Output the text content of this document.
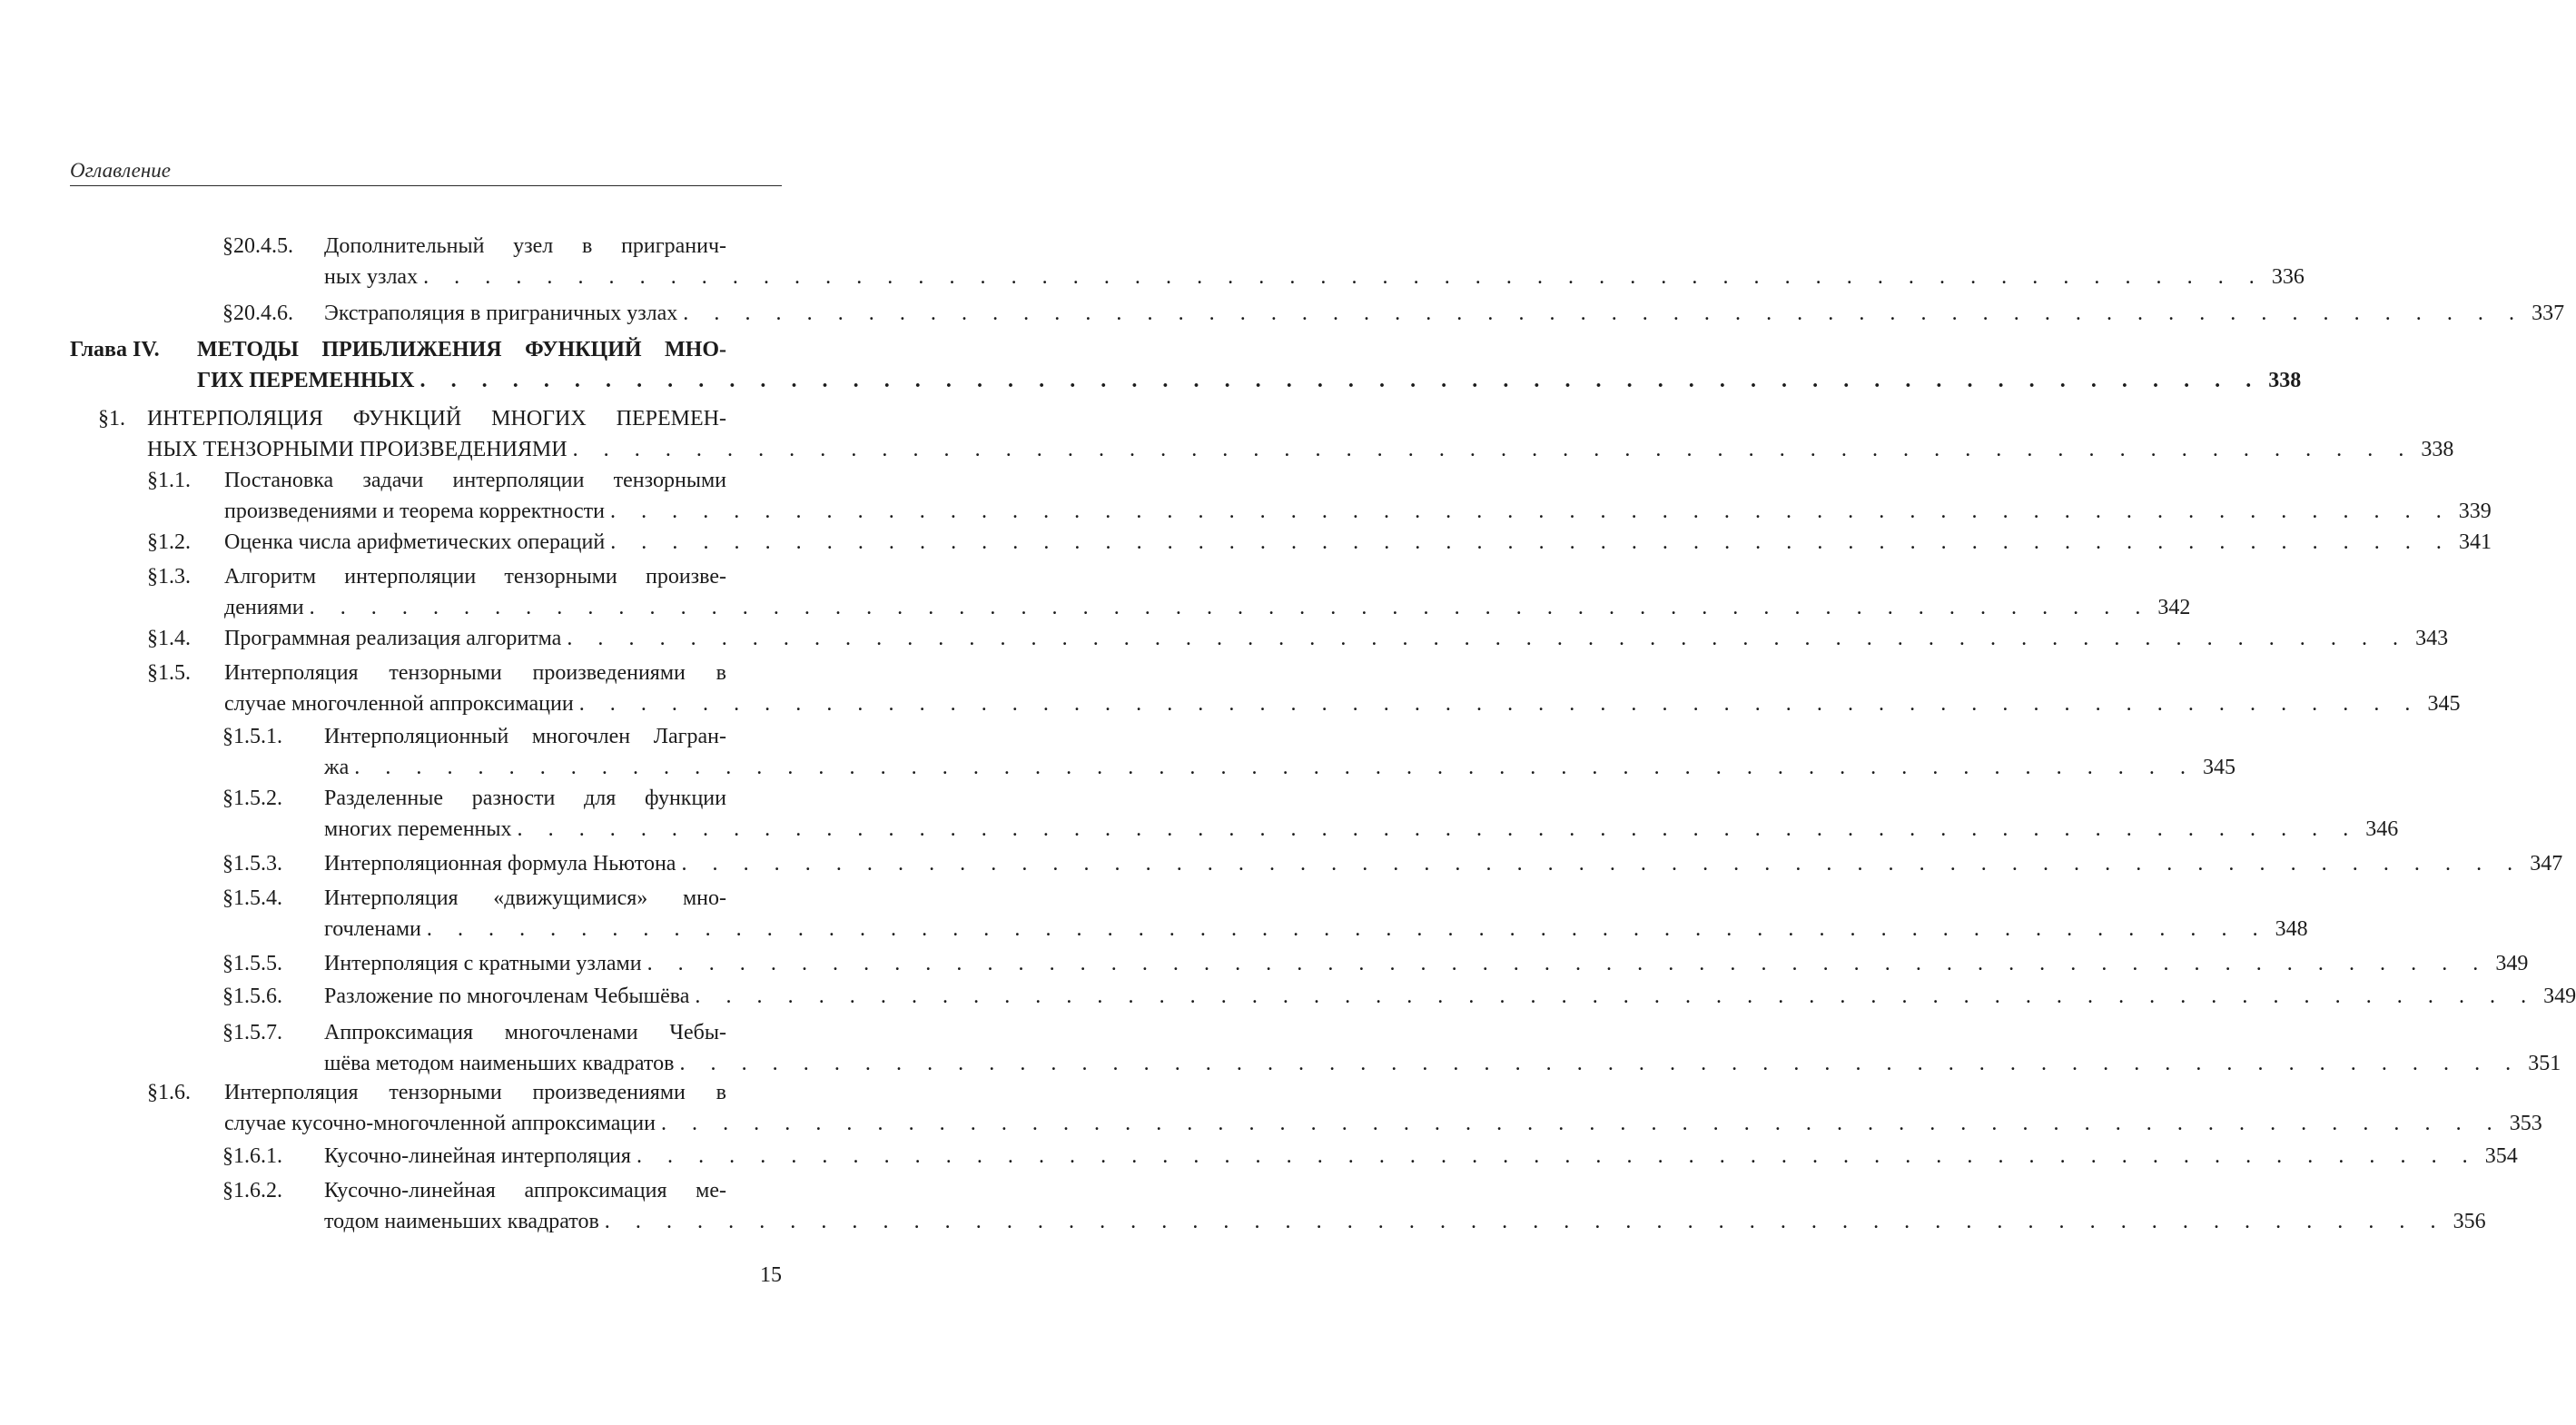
Оглавление
§20.4.5. Дополнительный узел в пригранич-
ных узлах . . . . . . . . . . . . . . . . . . . . . . . . . . . . . . . . . . . . . . . . . . . . . . . . . . . . . . . . . . . . 336
§20.4.6. Экстраполяция в приграничных узлах . . . . . . . . . . . . . . . . . . . . . . . . . . . . . . . . . . . . . . . . . . . . . . . . . . . . . . . . . . . . 337
Глава IV. МЕТОДЫ ПРИБЛИЖЕНИЯ ФУНКЦИЙ МНО-
ГИХ ПЕРЕМЕННЫХ . . . . . . . . . . . . . . . . . . . . . . . . . . . . . . . . . . . . . . . . . . . . . . . . . . . . . . . . . . . . 338
§1. ИНТЕРПОЛЯЦИЯ ФУНКЦИЙ МНОГИХ ПЕРЕМЕН-
НЫХ ТЕНЗОРНЫМИ ПРОИЗВЕДЕНИЯМИ . . . . . . . . . . . . . . . . . . . . . . . . . . . . . . . . . . . . . . . . . . . . . . . . . . . . . . . . . . . . 338
§1.1. Постановка задачи интерполяции тензорными
произведениями и теорема корректности . . . . . . . . . . . . . . . . . . . . . . . . . . . . . . . . . . . . . . . . . . . . . . . . . . . . . . . . . . . . 339
§1.2. Оценка числа арифметических операций . . . . . . . . . . . . . . . . . . . . . . . . . . . . . . . . . . . . . . . . . . . . . . . . . . . . . . . . . . . . 341
§1.3. Алгоритм интерполяции тензорными произве-
дениями . . . . . . . . . . . . . . . . . . . . . . . . . . . . . . . . . . . . . . . . . . . . . . . . . . . . . . . . . . . . 342
§1.4. Программная реализация алгоритма . . . . . . . . . . . . . . . . . . . . . . . . . . . . . . . . . . . . . . . . . . . . . . . . . . . . . . . . . . . . 343
§1.5. Интерполяция тензорными произведениями в
случае многочленной аппроксимации . . . . . . . . . . . . . . . . . . . . . . . . . . . . . . . . . . . . . . . . . . . . . . . . . . . . . . . . . . . . 345
§1.5.1. Интерполяционный многочлен Лагран-
жа . . . . . . . . . . . . . . . . . . . . . . . . . . . . . . . . . . . . . . . . . . . . . . . . . . . . . . . . . . . . 345
§1.5.2. Разделенные разности для функции
многих переменных . . . . . . . . . . . . . . . . . . . . . . . . . . . . . . . . . . . . . . . . . . . . . . . . . . . . . . . . . . . . 346
§1.5.3. Интерполяционная формула Ньютона . . . . . . . . . . . . . . . . . . . . . . . . . . . . . . . . . . . . . . . . . . . . . . . . . . . . . . . . . . . . 347
§1.5.4. Интерполяция «движущимися» мно-
гочленами . . . . . . . . . . . . . . . . . . . . . . . . . . . . . . . . . . . . . . . . . . . . . . . . . . . . . . . . . . . . 348
§1.5.5. Интерполяция с кратными узлами . . . . . . . . . . . . . . . . . . . . . . . . . . . . . . . . . . . . . . . . . . . . . . . . . . . . . . . . . . . . 349
§1.5.6. Разложение по многочленам Чебышёва . . . . . . . . . . . . . . . . . . . . . . . . . . . . . . . . . . . . . . . . . . . . . . . . . . . . . . . . . . . . 349
§1.5.7. Аппроксимация многочленами Чебы-
шёва методом наименьших квадратов . . . . . . . . . . . . . . . . . . . . . . . . . . . . . . . . . . . . . . . . . . . . . . . . . . . . . . . . . . . . 351
§1.6. Интерполяция тензорными произведениями в
случае кусочно-многочленной аппроксимации . . . . . . . . . . . . . . . . . . . . . . . . . . . . . . . . . . . . . . . . . . . . . . . . . . . . . . . . . . . . 353
§1.6.1. Кусочно-линейная интерполяция . . . . . . . . . . . . . . . . . . . . . . . . . . . . . . . . . . . . . . . . . . . . . . . . . . . . . . . . . . . . 354
§1.6.2. Кусочно-линейная аппроксимация ме-
тодом наименьших квадратов . . . . . . . . . . . . . . . . . . . . . . . . . . . . . . . . . . . . . . . . . . . . . . . . . . . . . . . . . . . . 356
15
